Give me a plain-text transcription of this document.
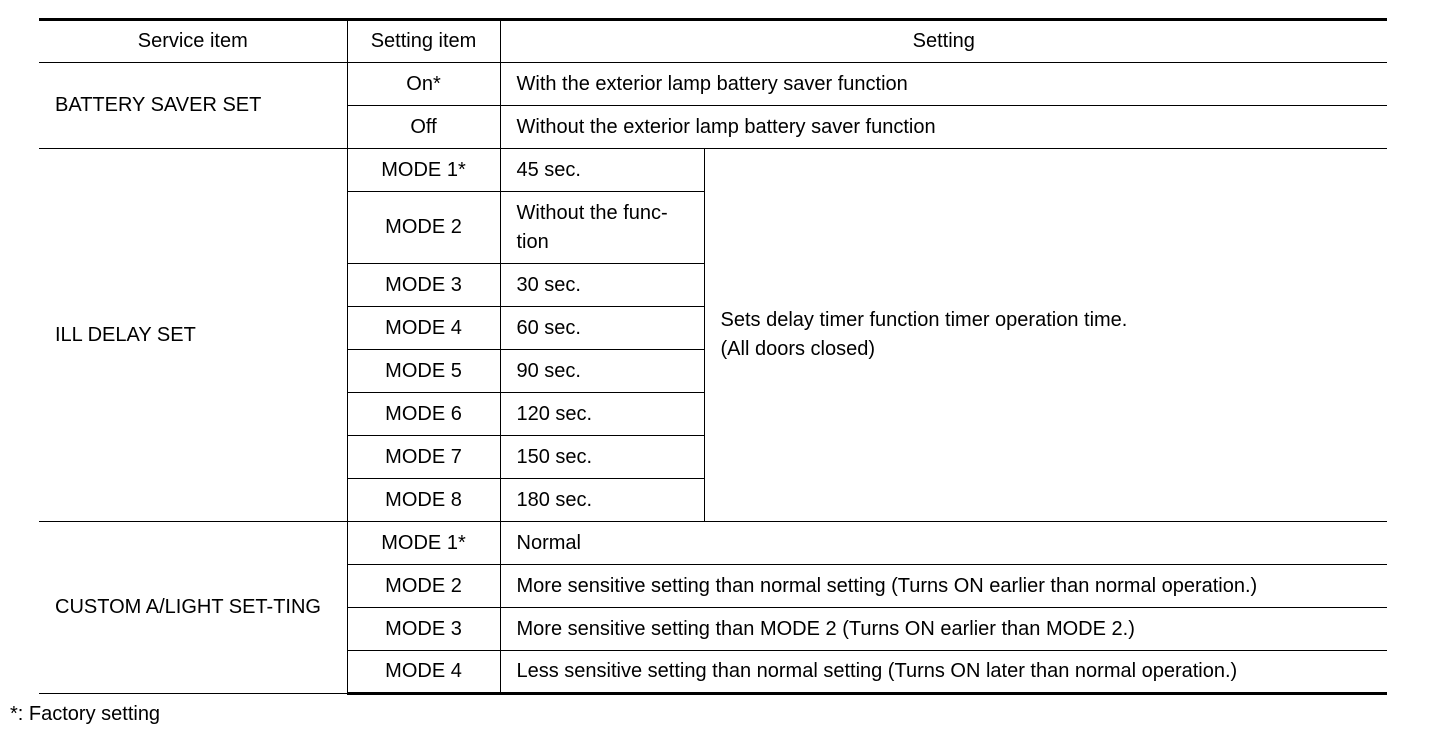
Service item	Setting item	Setting	
BATTERY SAVER SET	On*	With the exterior lamp battery saver function	
	Off	Without the exterior lamp battery saver function	
ILL DELAY SET	MODE 1*	45 sec.	Sets delay timer function timer operation time.
(All doors closed)
	MODE 2	Without the func-tion	
	MODE 3	30 sec.	
	MODE 4	60 sec.	
	MODE 5	90 sec.	
	MODE 6	120 sec.	
	MODE 7	150 sec.	
	MODE 8	180 sec.	
CUSTOM A/LIGHT SET-TING	MODE 1*	Normal	
	MODE 2	More sensitive setting than normal setting (Turns ON earlier than normal operation.)	
	MODE 3	More sensitive setting than MODE 2 (Turns ON earlier than MODE 2.)	
	MODE 4	Less sensitive setting than normal setting (Turns ON later than normal operation.)	
*: Factory setting
